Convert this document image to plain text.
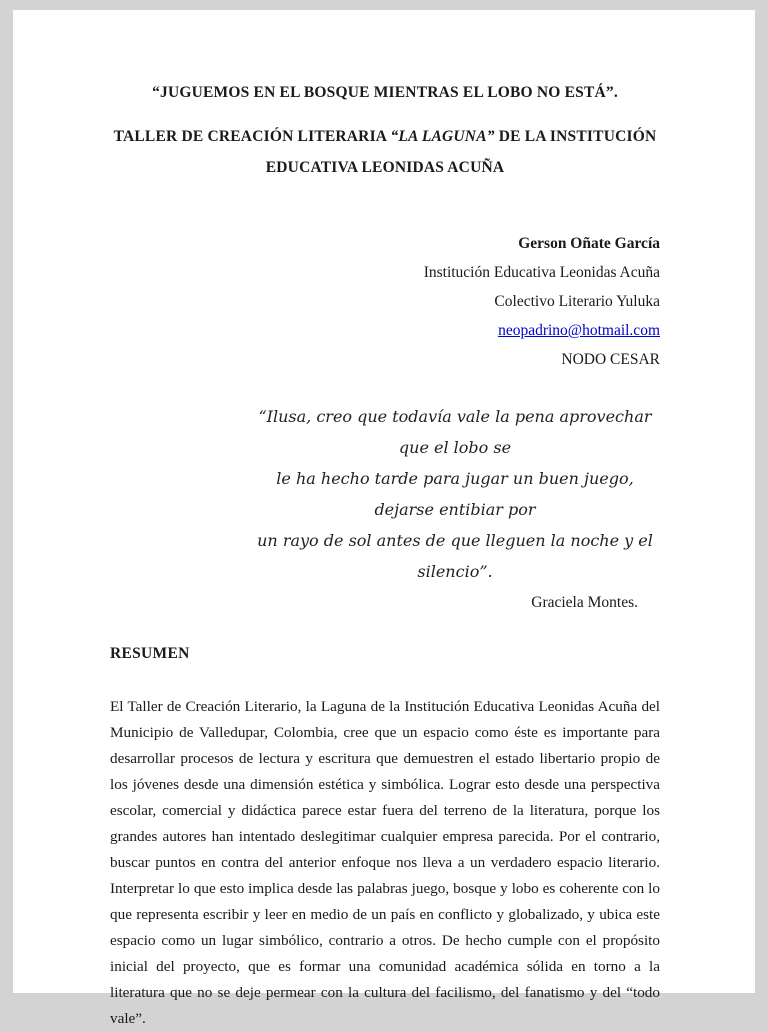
“JUGUEMOS EN EL BOSQUE MIENTRAS EL LOBO NO ESTÁ”.
TALLER DE CREACIÓN LITERARIA “LA LAGUNA” DE LA INSTITUCIÓN EDUCATIVA LEONIDAS ACUÑA
Gerson Oñate García
Institución Educativa Leonidas Acuña
Colectivo Literario Yuluka
neopadrino@hotmail.com
NODO CESAR
“Ilusa, creo que todavía vale la pena aprovechar que el lobo se
le ha hecho tarde para jugar un buen juego, dejarse entibiar por
un rayo de sol antes de que lleguen la noche y el silencio”.
Graciela Montes.
RESUMEN

El Taller de Creación Literario, la Laguna de la Institución Educativa Leonidas Acuña del Municipio de Valledupar, Colombia, cree que un espacio como éste es importante para desarrollar procesos de lectura y escritura que demuestren el estado libertario propio de los jóvenes desde una dimensión estética y simbólica. Lograr esto desde una perspectiva escolar, comercial y didáctica parece estar fuera del terreno de la literatura, porque los grandes autores han intentado deslegitimar cualquier empresa parecida. Por el contrario, buscar puntos en contra del anterior enfoque nos lleva a un verdadero espacio literario. Interpretar lo que esto implica desde las palabras juego, bosque y lobo es coherente con lo que representa escribir y leer en medio de un país en conflicto y globalizado, y ubica este espacio como un lugar simbólico, contrario a otros. De hecho cumple con el propósito inicial del proyecto, que es formar una comunidad académica sólida en torno a la literatura que no se deje permear con la cultura del facilismo, del fanatismo y del “todo vale”.
